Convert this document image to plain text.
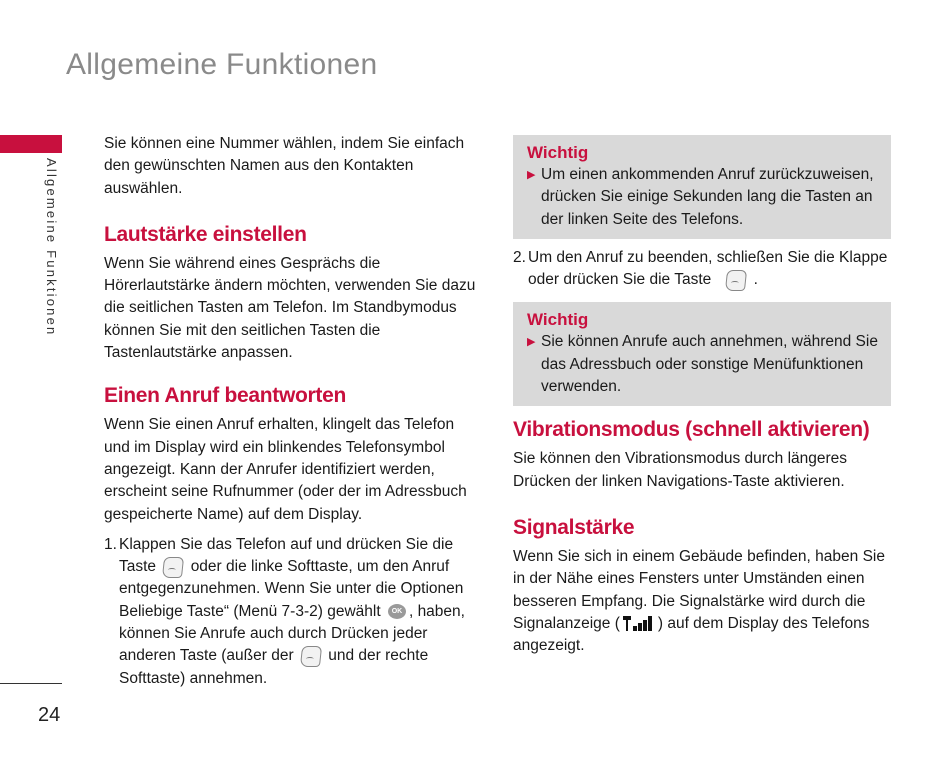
Allgemeine Funktionen
Allgemeine Funktionen
24

Sie können eine Nummer wählen, indem Sie einfach den gewünschten Namen aus den Kontakten auswählen.

Lautstärke einstellen

Wenn Sie während eines Gesprächs die Hörerlautstärke ändern möchten, verwenden Sie dazu die seitlichen Tasten am Telefon. Im Standbymodus können Sie mit den seitlichen Tasten die Tastenlautstärke anpassen.

Einen Anruf beantworten

Wenn Sie einen Anruf erhalten, klingelt das Telefon und im Display wird ein blinkendes Telefonsymbol angezeigt. Kann der Anrufer identifiziert werden, erscheint seine Rufnummer (oder der im Adressbuch gespeicherte Name) auf dem Display.

1. Klappen Sie das Telefon auf und drücken Sie die Taste oder die linke Softtaste, um den Anruf entgegenzunehmen. Wenn Sie unter die Optionen Beliebige Taste“ (Menü 7-3-2) gewählt OK , haben, können Sie Anrufe auch durch Drücken jeder anderen Taste (außer der und der rechte Softtaste) annehmen.
Wichtig
▶ Um einen ankommenden Anruf zurückzuweisen, drücken Sie einige Sekunden lang die Tasten an der linken Seite des Telefons.
2. Um den Anruf zu beenden, schließen Sie die Klappe oder drücken Sie die Taste	.
Wichtig
▶ Sie können Anrufe auch annehmen, während Sie das Adressbuch oder sonstige Menüfunktionen verwenden.
Vibrationsmodus (schnell aktivieren)

Sie können den Vibrationsmodus durch längeres Drücken der linken Navigations-Taste aktivieren.

Signalstärke

Wenn Sie sich in einem Gebäude befinden, haben Sie in der Nähe eines Fensters unter Umständen einen besseren Empfang. Die Signalstärke wird durch die Signalanzeige ( ) auf dem Display des Telefons angezeigt.
